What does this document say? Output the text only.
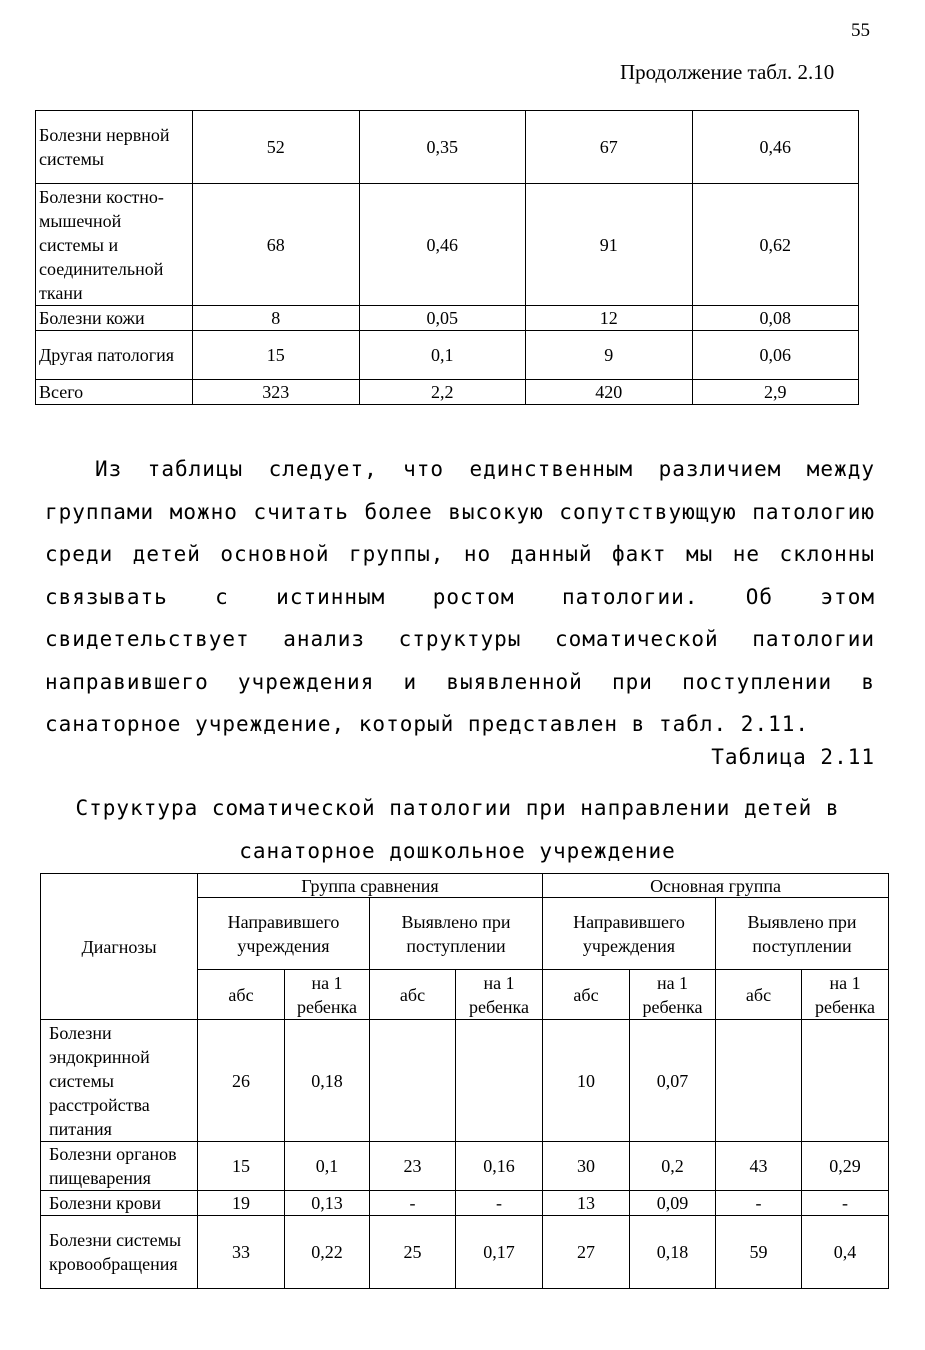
55
Продолжение табл. 2.10
Болезни нервной системы	52	0,35	67	0,46
Болезни костно-мышечной системы и соединительной ткани	68	0,46	91	0,62
Болезни кожи	8	0,05	12	0,08
Другая патология	15	0,1	9	0,06
Всего	323	2,2	420	2,9

Из таблицы следует, что единственным различием между группами можно считать более высокую сопутствующую патологию среди детей основной группы, но данный факт мы не склонны связывать с истинным ростом патологии. Об этом свидетельствует анализ структуры соматической патологии направившего учреждения и выявленной при поступлении в санаторное учреждение, который представлен в табл. 2.11.

Таблица 2.11

Структура соматической патологии при направлении детей в
санаторное дошкольное учреждение

Диагнозы	Группа сравнения				Основная группа			
	Направившего учреждения		Выявлено при поступлении		Направившего учреждения		Выявлено при поступлении	
	абс	на 1 ребенка	абс	на 1 ребенка	абс	на 1 ребенка	абс	на 1 ребенка
Болезни эндокринной системы расстройства питания	26	0,18			10	0,07		
Болезни органов пищеварения	15	0,1	23	0,16	30	0,2	43	0,29
Болезни крови	19	0,13	-	-	13	0,09	-	-
Болезни системы кровообращения	33	0,22	25	0,17	27	0,18	59	0,4
